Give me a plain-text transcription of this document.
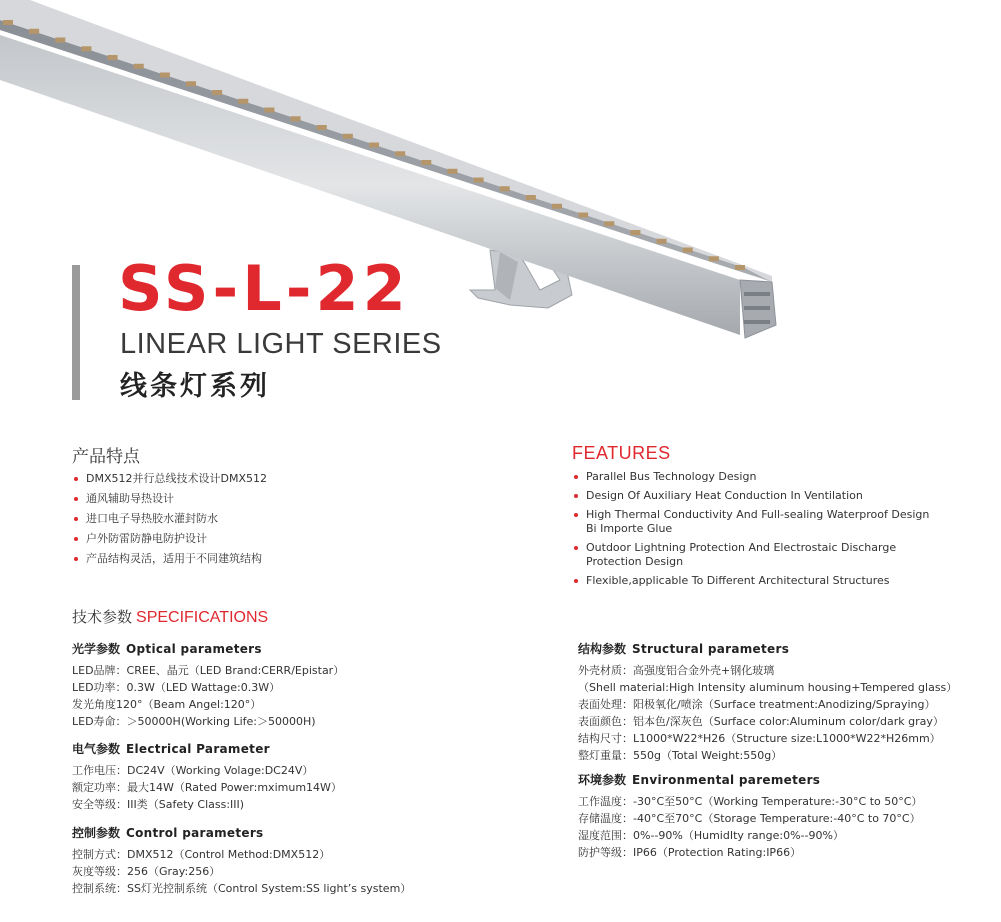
SS-L-22
LINEAR LIGHT SERIES
线条灯系列
产品特点
DMX512并行总线技术设计DMX512
通风辅助导热设计
进口电子导热胶水灌封防水
户外防雷防静电防护设计
产品结构灵活，适用于不同建筑结构
FEATURES
Parallel Bus Technology Design
Design Of Auxiliary Heat Conduction In Ventilation
High Thermal Conductivity And Full-sealing Waterproof Design Bi Importe Glue
Outdoor Lightning Protection And Electrostaic Discharge Protection Design
Flexible,applicable To Different Architectural Structures
技术参数 SPECIFICATIONS
光学参数 Optical parameters
LED品牌：CREE、晶元（LED Brand:CERR/Epistar）
LED功率：0.3W（LED Wattage:0.3W）
发光角度120°（Beam Angel:120°）
LED寿命：＞50000H(Working Life:＞50000H)
电气参数 Electrical Parameter
工作电压：DC24V（Working Volage:DC24V）
额定功率：最大14W（Rated Power:mximum14W）
安全等级：III类（Safety Class:III)
控制参数 Control parameters
控制方式：DMX512（Control Method:DMX512）
灰度等级：256（Gray:256）
控制系统：SS灯光控制系统（Control System:SS light’s system）
结构参数 Structural parameters
外壳材质：高强度铝合金外壳+钢化玻璃
（Shell material:High Intensity aluminum housing+Tempered glass）
表面处理：阳极氧化/喷涂（Surface treatment:Anodizing/Spraying）
表面颜色：铝本色/深灰色（Surface color:Aluminum color/dark gray）
结构尺寸：L1000*W22*H26（Structure size:L1000*W22*H26mm）
整灯重量：550g（Total Weight:550g）
环境参数 Environmental paremeters
工作温度：-30°C至50°C（Working Temperature:-30°C to 50°C）
存储温度：-40°C至70°C（Storage Temperature:-40°C to 70°C）
湿度范围：0%--90%（HumidIty range:0%--90%）
防护等级：IP66（Protection Rating:IP66）
